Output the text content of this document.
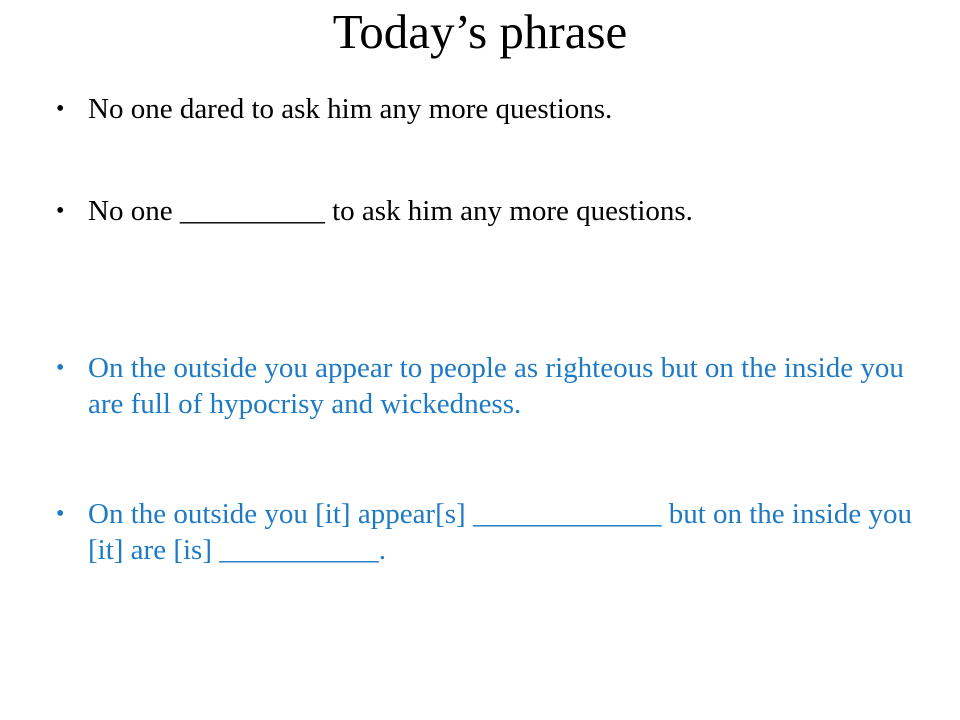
Today’s phrase
• No one dared to ask him any more questions.
• No one __________ to ask him any more questions.
• On the outside you appear to people as righteous but on the inside you are full of hypocrisy and wickedness.
• On the outside you [it] appear[s] _____________ but on the inside you [it] are [is] ___________.
